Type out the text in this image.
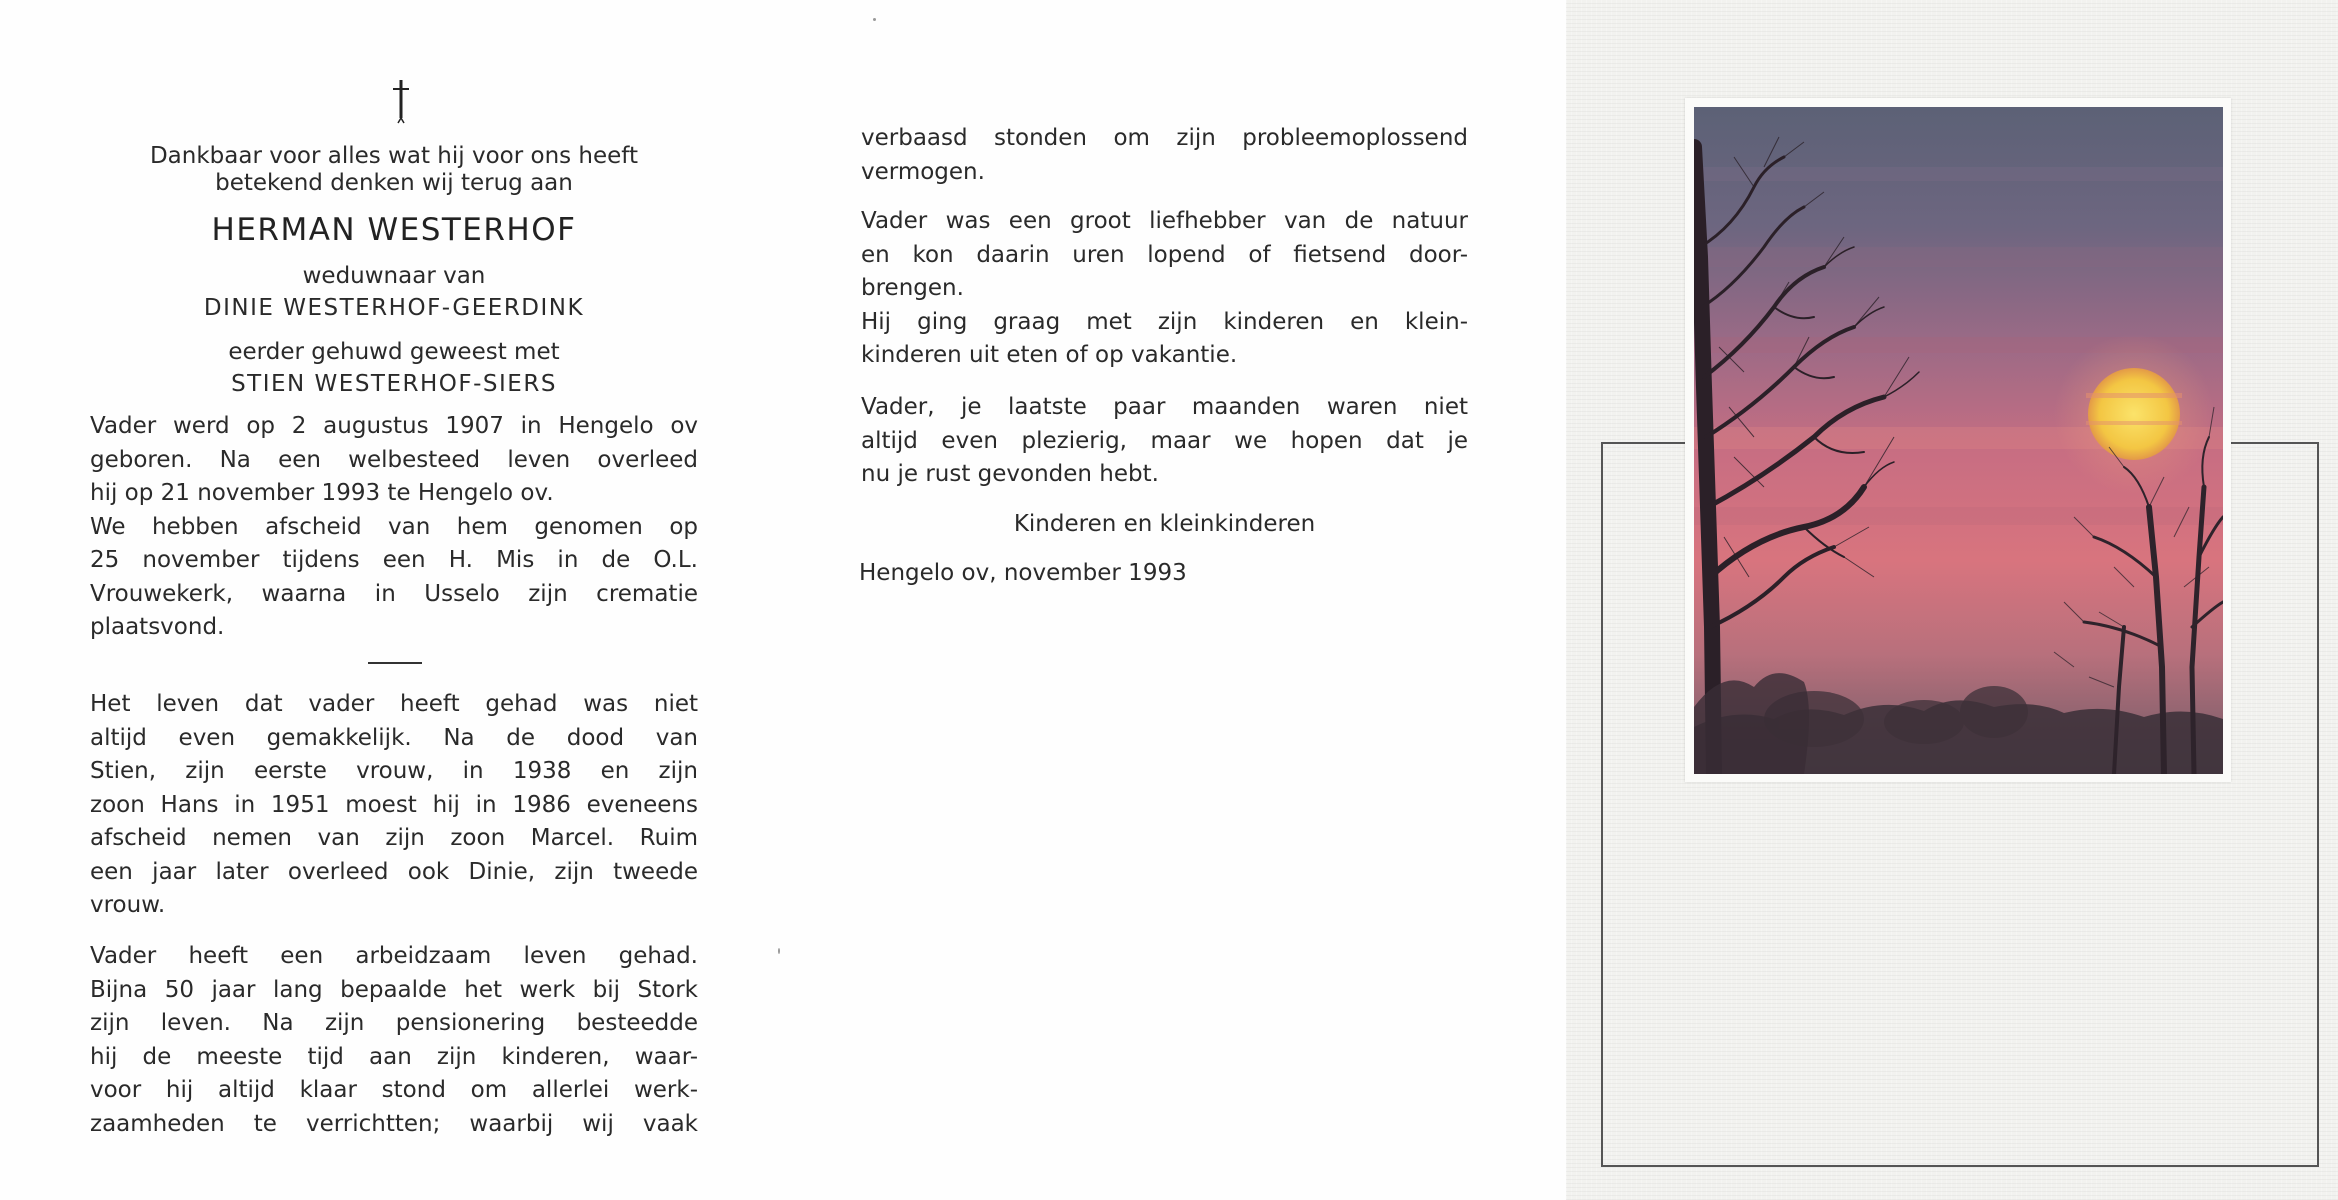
Dankbaar voor alles wat hij voor ons heeft
betekend denken wij terug aan
HERMAN WESTERHOF
weduwnaar van
DINIE WESTERHOF-GEERDINK
eerder gehuwd geweest met
STIEN WESTERHOF-SIERS
Vader werd op 2 augustus 1907 in Hengelo ov
geboren. Na een welbesteed leven overleed
hij op 21 november 1993 te Hengelo ov.
We hebben afscheid van hem genomen op
25 november tijdens een H. Mis in de O.L.
Vrouwekerk, waarna in Usselo zijn crematie
plaatsvond.
Het leven dat vader heeft gehad was niet
altijd even gemakkelijk. Na de dood van
Stien, zijn eerste vrouw, in 1938 en zijn
zoon Hans in 1951 moest hij in 1986 eveneens
afscheid nemen van zijn zoon Marcel. Ruim
een jaar later overleed ook Dinie, zijn tweede
vrouw.
Vader heeft een arbeidzaam leven gehad.
Bijna 50 jaar lang bepaalde het werk bij Stork
zijn leven. Na zijn pensionering besteedde
hij de meeste tijd aan zijn kinderen, waar-
voor hij altijd klaar stond om allerlei werk-
zaamheden te verrichtten; waarbij wij vaak
verbaasd stonden om zijn probleemoplossend
vermogen.
Vader was een groot liefhebber van de natuur
en kon daarin uren lopend of fietsend door-
brengen.
Hij ging graag met zijn kinderen en klein-
kinderen uit eten of op vakantie.
Vader, je laatste paar maanden waren niet
altijd even plezierig, maar we hopen dat je
nu je rust gevonden hebt.
Kinderen en kleinkinderen
Hengelo ov, november 1993
